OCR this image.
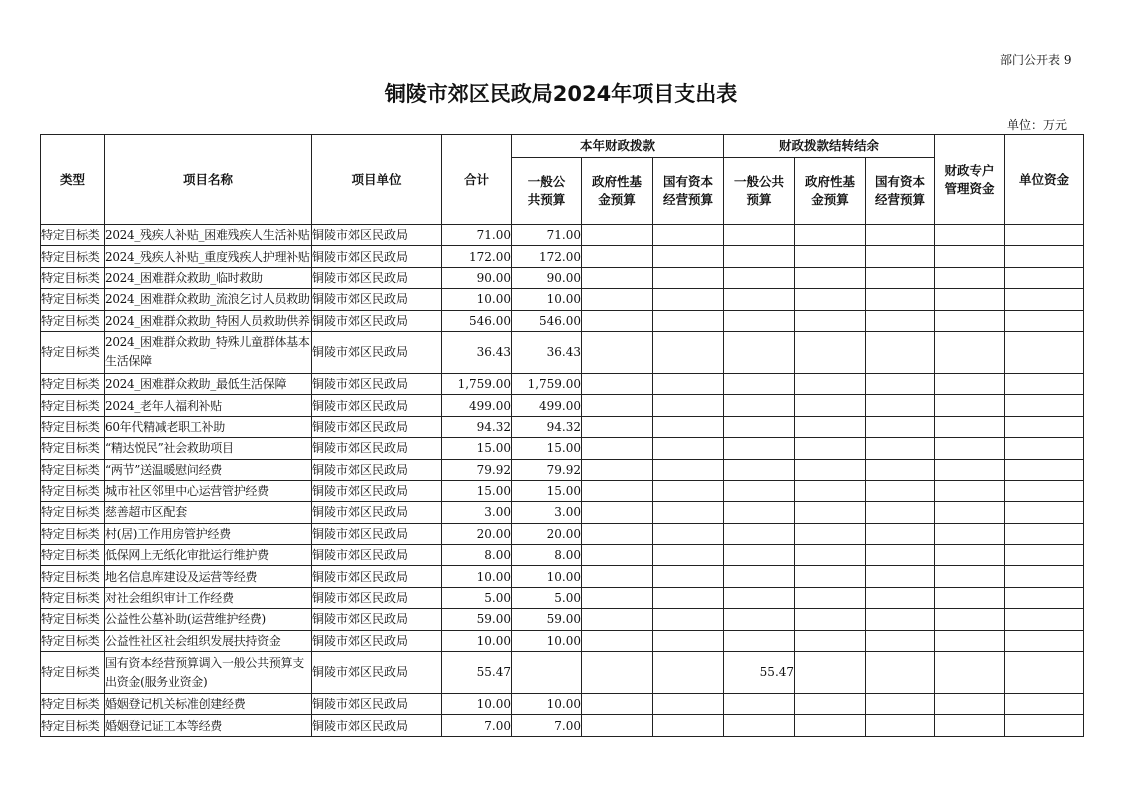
部门公开表 9
铜陵市郊区民政局2024年项目支出表
单位：万元
类型	项目名称	项目单位	合计	本年财政拨款			财政拨款结转结余			财政专户管理资金	单位资金
				一般公共预算	政府性基金预算	国有资本经营预算	一般公共预算	政府性基金预算	国有资本经营预算		
特定目标类	2024_残疾人补贴_困难残疾人生活补贴	铜陵市郊区民政局	71.00	71.00							
特定目标类	2024_残疾人补贴_重度残疾人护理补贴	铜陵市郊区民政局	172.00	172.00							
特定目标类	2024_困难群众救助_临时救助	铜陵市郊区民政局	90.00	90.00							
特定目标类	2024_困难群众救助_流浪乞讨人员救助	铜陵市郊区民政局	10.00	10.00							
特定目标类	2024_困难群众救助_特困人员救助供养	铜陵市郊区民政局	546.00	546.00							
特定目标类	2024_困难群众救助_特殊儿童群体基本生活保障	铜陵市郊区民政局	36.43	36.43							
特定目标类	2024_困难群众救助_最低生活保障	铜陵市郊区民政局	1,759.00	1,759.00							
特定目标类	2024_老年人福利补贴	铜陵市郊区民政局	499.00	499.00							
特定目标类	60年代精减老职工补助	铜陵市郊区民政局	94.32	94.32							
特定目标类	“精达悦民”社会救助项目	铜陵市郊区民政局	15.00	15.00							
特定目标类	“两节”送温暖慰问经费	铜陵市郊区民政局	79.92	79.92							
特定目标类	城市社区邻里中心运营管护经费	铜陵市郊区民政局	15.00	15.00							
特定目标类	慈善超市区配套	铜陵市郊区民政局	3.00	3.00							
特定目标类	村(居)工作用房管护经费	铜陵市郊区民政局	20.00	20.00							
特定目标类	低保网上无纸化审批运行维护费	铜陵市郊区民政局	8.00	8.00							
特定目标类	地名信息库建设及运营等经费	铜陵市郊区民政局	10.00	10.00							
特定目标类	对社会组织审计工作经费	铜陵市郊区民政局	5.00	5.00							
特定目标类	公益性公墓补助(运营维护经费)	铜陵市郊区民政局	59.00	59.00							
特定目标类	公益性社区社会组织发展扶持资金	铜陵市郊区民政局	10.00	10.00							
特定目标类	国有资本经营预算调入一般公共预算支出资金(服务业资金)	铜陵市郊区民政局	55.47				55.47				
特定目标类	婚姻登记机关标准创建经费	铜陵市郊区民政局	10.00	10.00							
特定目标类	婚姻登记证工本等经费	铜陵市郊区民政局	7.00	7.00							
